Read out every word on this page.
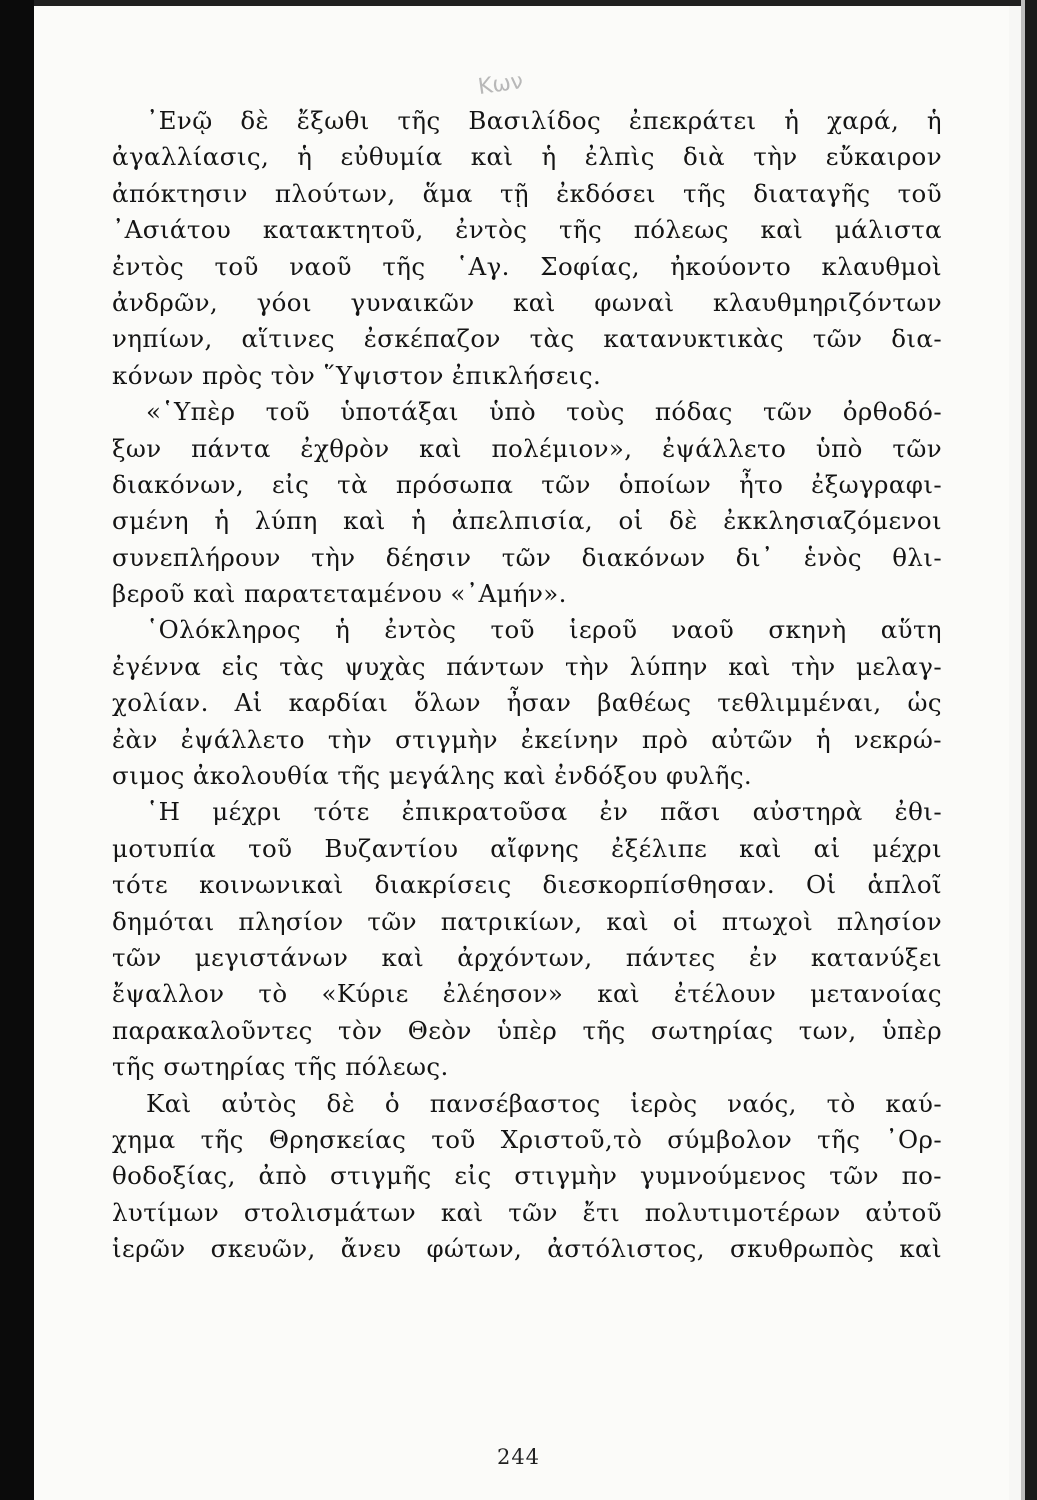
Κων
᾿Ενῷ δὲ ἔξωθι τῆς Βασιλίδος ἐπεκράτει ἡ χαρά, ἡ
ἀγαλλίασις, ἡ εὐθυμία καὶ ἡ ἐλπὶς διὰ τὴν εὔκαιρον
ἀπόκτησιν πλούτων, ἅμα τῇ ἐκδόσει τῆς διαταγῆς τοῦ
᾿Ασιάτου κατακτητοῦ, ἐντὸς τῆς πόλεως καὶ μάλιστα
ἐντὸς τοῦ ναοῦ τῆς ῾Αγ. Σοφίας, ἠκούοντο κλαυθμοὶ
ἀνδρῶν, γόοι γυναικῶν καὶ φωναὶ κλαυθμηριζόντων
νηπίων, αἵτινες ἐσκέπαζον τὰς κατανυκτικὰς τῶν δια-
κόνων πρὸς τὸν ῞Υψιστον ἐπικλήσεις.
«῾Υπὲρ τοῦ ὑποτάξαι ὑπὸ τοὺς πόδας τῶν ὀρθοδό-
ξων πάντα ἐχθρὸν καὶ πολέμιον», ἐψάλλετο ὑπὸ τῶν
διακόνων, εἰς τὰ πρόσωπα τῶν ὁποίων ἦτο ἐξωγραφι-
σμένη ἡ λύπη καὶ ἡ ἀπελπισία, οἱ δὲ ἐκκλησιαζόμενοι
συνεπλήρουν τὴν δέησιν τῶν διακόνων δι᾿ ἑνὸς θλι-
βεροῦ καὶ παρατεταμένου «᾿Αμήν».
῾Ολόκληρος ἡ ἐντὸς τοῦ ἱεροῦ ναοῦ σκηνὴ αὕτη
ἐγέννα εἰς τὰς ψυχὰς πάντων τὴν λύπην καὶ τὴν μελαγ-
χολίαν. Αἱ καρδίαι ὅλων ἦσαν βαθέως τεθλιμμέναι, ὡς
ἐὰν ἐψάλλετο τὴν στιγμὴν ἐκείνην πρὸ αὐτῶν ἡ νεκρώ-
σιμος ἀκολουθία τῆς μεγάλης καὶ ἐνδόξου φυλῆς.
῾Η μέχρι τότε ἐπικρατοῦσα ἐν πᾶσι αὐστηρὰ ἐθι-
μοτυπία τοῦ Βυζαντίου αἴφνης ἐξέλιπε καὶ αἱ μέχρι
τότε κοινωνικαὶ διακρίσεις διεσκορπίσθησαν. Οἱ ἁπλοῖ
δημόται πλησίον τῶν πατρικίων, καὶ οἱ πτωχοὶ πλησίον
τῶν μεγιστάνων καὶ ἀρχόντων, πάντες ἐν κατανύξει
ἔψαλλον τὸ «Κύριε ἐλέησον» καὶ ἐτέλουν μετανοίας
παρακαλοῦντες τὸν Θεὸν ὑπὲρ τῆς σωτηρίας των, ὑπὲρ
τῆς σωτηρίας τῆς πόλεως.
Καὶ αὐτὸς δὲ ὁ πανσέβαστος ἱερὸς ναός, τὸ καύ-
χημα τῆς Θρησκείας τοῦ Χριστοῦ,τὸ σύμβολον τῆς ᾿Ορ-
θοδοξίας, ἀπὸ στιγμῆς εἰς στιγμὴν γυμνούμενος τῶν πο-
λυτίμων στολισμάτων καὶ τῶν ἔτι πολυτιμοτέρων αὐτοῦ
ἱερῶν σκευῶν, ἄνευ φώτων, ἀστόλιστος, σκυθρωπὸς καὶ
244
